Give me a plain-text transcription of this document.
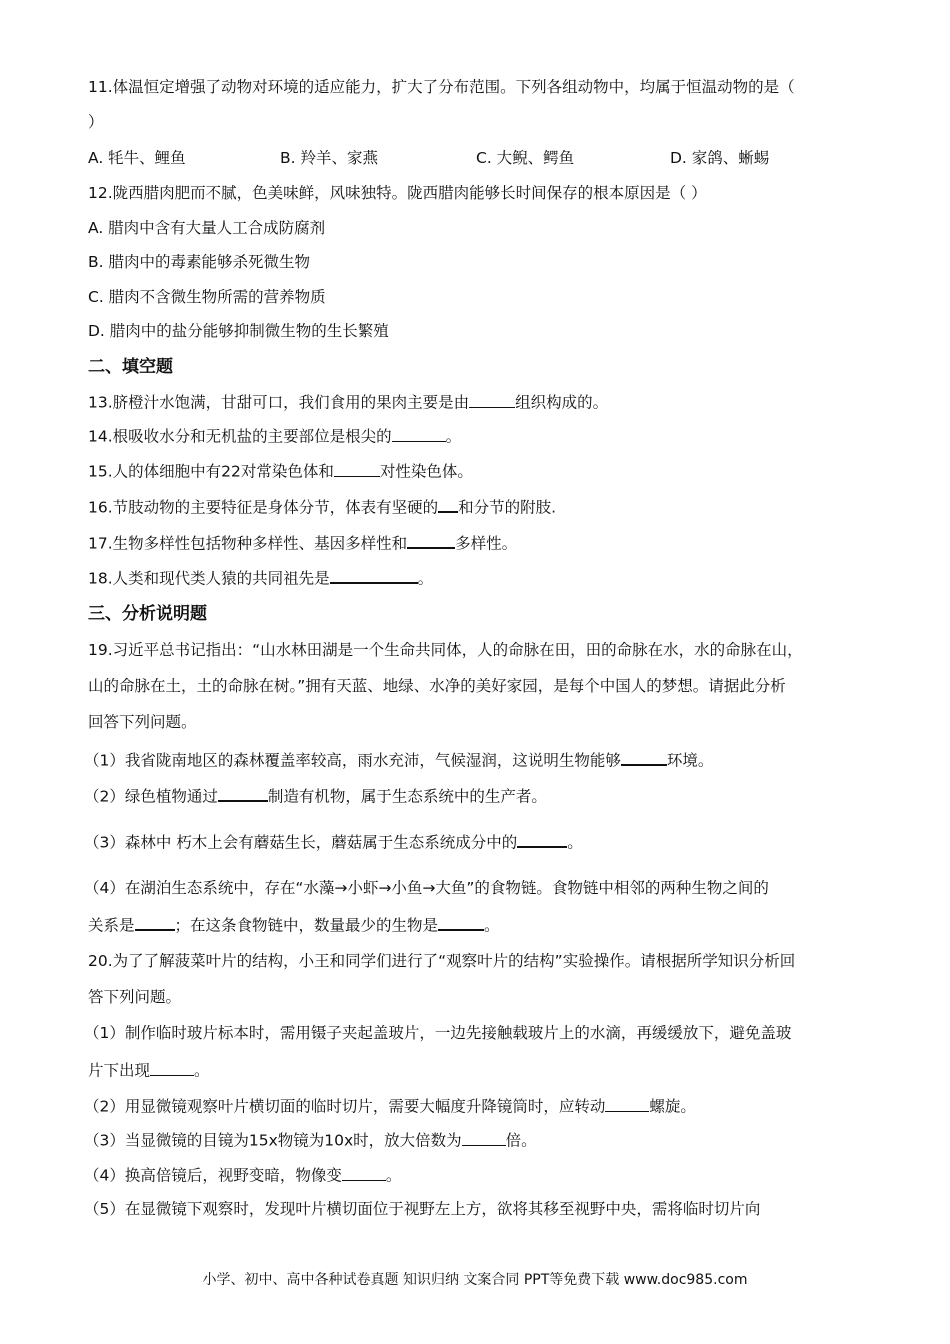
11.体温恒定增强了动物对环境的适应能力，扩大了分布范围。下列各组动物中，均属于恒温动物的是（
）
A. 牦牛、鲤鱼	B. 羚羊、家燕	C. 大鲵、鳄鱼	D. 家鸽、蜥蜴
12.陇西腊肉肥而不腻，色美味鲜，风味独特。陇西腊肉能够长时间保存的根本原因是（ ）
A. 腊肉中含有大量人工合成防腐剂
B. 腊肉中的毒素能够杀死微生物
C. 腊肉不含微生物所需的营养物质
D. 腊肉中的盐分能够抑制微生物的生长繁殖
二、填空题
13.脐橙汁水饱满，甘甜可口，我们食用的果肉主要是由	组织构成的。
14.根吸收水分和无机盐的主要部位是根尖的	。
15.人的体细胞中有22对常染色体和	对性染色体。
16.节肢动物的主要特征是身体分节，体表有坚硬的 和分节的附肢.
17.生物多样性包括物种多样性、基因多样性和	多样性。
18.人类和现代类人猿的共同祖先是	。
三、分析说明题
19.习近平总书记指出：“山水林田湖是一个生命共同体，人的命脉在田，田的命脉在水，水的命脉在山，
山的命脉在土，土的命脉在树。”拥有天蓝、地绿、水净的美好家园，是每个中国人的梦想。请据此分析
回答下列问题。
（1）我省陇南地区的森林覆盖率较高，雨水充沛，气候湿润，这说明生物能够	环境。
（2）绿色植物通过	制造有机物，属于生态系统中的生产者。
（3）森林中 朽木上会有蘑菇生长，蘑菇属于生态系统成分中的	。
（4）在湖泊生态系统中，存在“水藻→小虾→小鱼→大鱼”的食物链。食物链中相邻的两种生物之间的
关系是	；在这条食物链中，数量最少的生物是	。
20.为了了解菠菜叶片的结构，小王和同学们进行了“观察叶片的结构”实验操作。请根据所学知识分析回
答下列问题。
（1）制作临时玻片标本时，需用镊子夹起盖玻片，一边先接触载玻片上的水滴，再缓缓放下，避免盖玻
片下出现	。
（2）用显微镜观察叶片横切面的临时切片，需要大幅度升降镜筒时，应转动	螺旋。
（3）当显微镜的目镜为15x物镜为10x时，放大倍数为	倍。
（4）换高倍镜后，视野变暗，物像变	。
（5）在显微镜下观察时，发现叶片横切面位于视野左上方，欲将其移至视野中央，需将临时切片向
小学、初中、高中各种试卷真题 知识归纳 文案合同 PPT等免费下载 www.doc985.com
